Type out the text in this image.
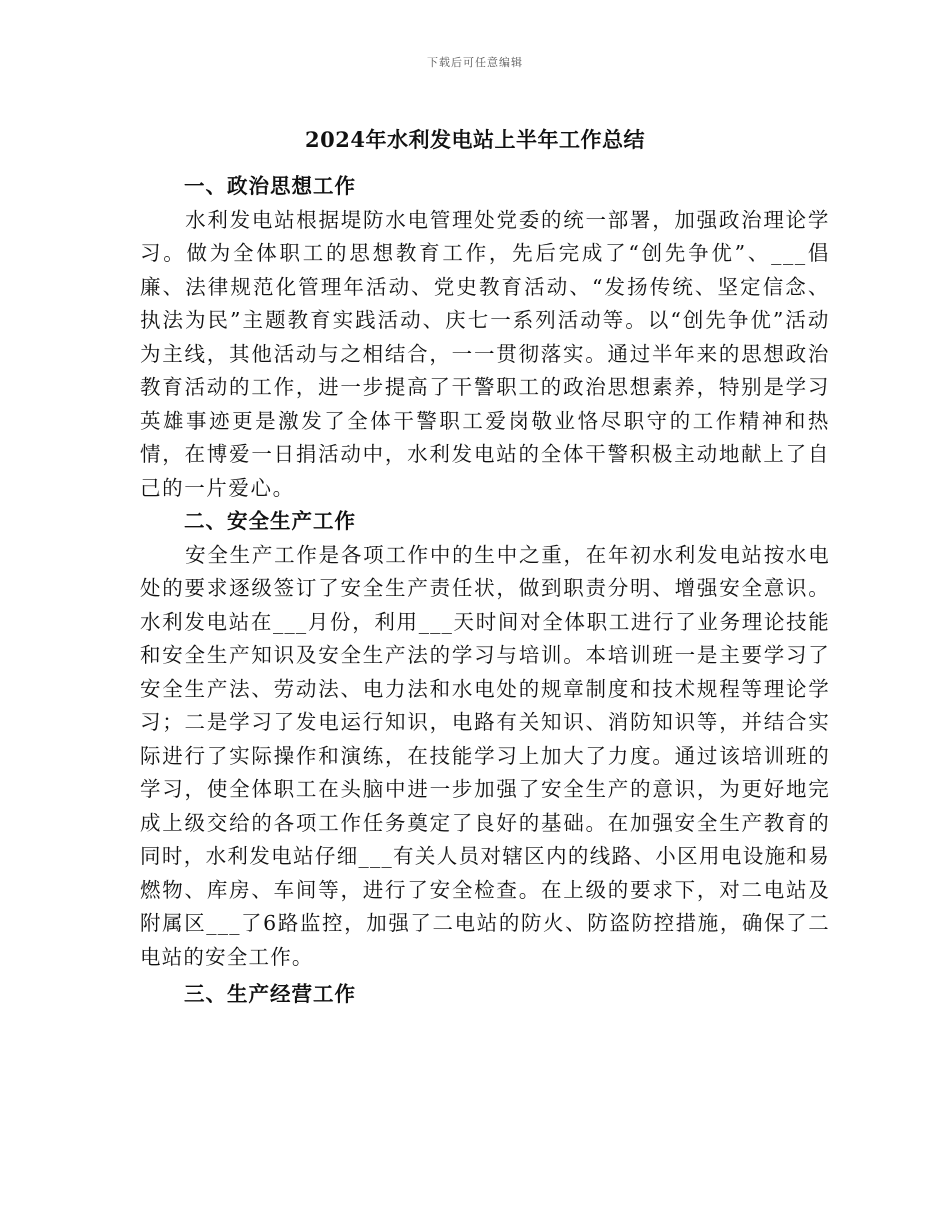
下载后可任意编辑
2024年水利发电站上半年工作总结

一、政治思想工作

水利发电站根据堤防水电管理处党委的统一部署，加强政治理论学习。做为全体职工的思想教育工作，先后完成了“创先争优”、___倡廉、法律规范化管理年活动、党史教育活动、“发扬传统、坚定信念、执法为民”主题教育实践活动、庆七一系列活动等。以“创先争优”活动为主线，其他活动与之相结合，一一贯彻落实。通过半年来的思想政治教育活动的工作，进一步提高了干警职工的政治思想素养，特别是学习英雄事迹更是激发了全体干警职工爱岗敬业恪尽职守的工作精神和热情，在博爱一日捐活动中，水利发电站的全体干警积极主动地献上了自己的一片爱心。

二、安全生产工作

安全生产工作是各项工作中的生中之重，在年初水利发电站按水电处的要求逐级签订了安全生产责任状，做到职责分明、增强安全意识。水利发电站在___月份，利用___天时间对全体职工进行了业务理论技能和安全生产知识及安全生产法的学习与培训。本培训班一是主要学习了安全生产法、劳动法、电力法和水电处的规章制度和技术规程等理论学习；二是学习了发电运行知识，电路有关知识、消防知识等，并结合实际进行了实际操作和演练，在技能学习上加大了力度。通过该培训班的学习，使全体职工在头脑中进一步加强了安全生产的意识，为更好地完成上级交给的各项工作任务奠定了良好的基础。在加强安全生产教育的同时，水利发电站仔细___有关人员对辖区内的线路、小区用电设施和易燃物、库房、车间等，进行了安全检查。在上级的要求下，对二电站及附属区___了6路监控，加强了二电站的防火、防盗防控措施，确保了二电站的安全工作。

三、生产经营工作
